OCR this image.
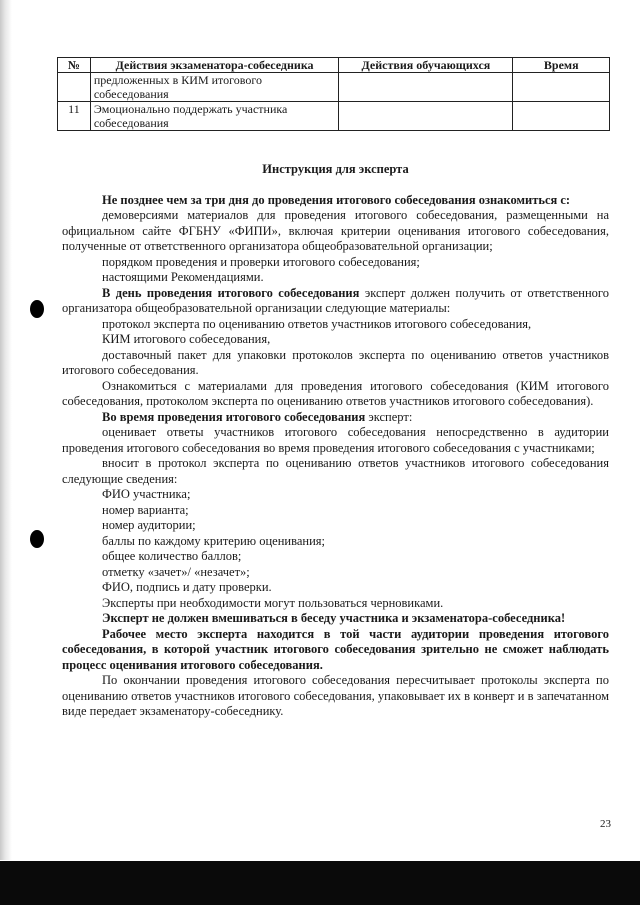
№	Действия экзаменатора-собеседника	Действия обучающихся	Время
	предложенных в КИМ итогового собеседования		
11	Эмоционально поддержать участника собеседования		

Инструкция для эксперта

Не позднее чем за три дня до проведения итогового собеседования ознакомиться с:

демоверсиями материалов для проведения итогового собеседования, размещенными на официальном сайте ФГБНУ «ФИПИ», включая критерии оценивания итогового собеседования, полученные от ответственного организатора общеобразовательной организации;

порядком проведения и проверки итогового собеседования;

настоящими Рекомендациями.

В день проведения итогового собеседования эксперт должен получить от ответственного организатора общеобразовательной организации следующие материалы:

протокол эксперта по оцениванию ответов участников итогового собеседования,

КИМ итогового собеседования,

доставочный пакет для упаковки протоколов эксперта по оцениванию ответов участников итогового собеседования.

Ознакомиться с материалами для проведения итогового собеседования (КИМ итогового собеседования, протоколом эксперта по оцениванию ответов участников итогового собеседования).

Во время проведения итогового собеседования эксперт:

оценивает ответы участников итогового собеседования непосредственно в аудитории проведения итогового собеседования во время проведения итогового собеседования с участниками;

вносит в протокол эксперта по оцениванию ответов участников итогового собеседования следующие сведения:

ФИО участника;

номер варианта;

номер аудитории;

баллы по каждому критерию оценивания;

общее количество баллов;

отметку «зачет»/ «незачет»;

ФИО, подпись и дату проверки.

Эксперты при необходимости могут пользоваться черновиками.

Эксперт не должен вмешиваться в беседу участника и экзаменатора-собеседника!

Рабочее место эксперта находится в той части аудитории проведения итогового собеседования, в которой участник итогового собеседования зрительно не сможет наблюдать процесс оценивания итогового собеседования.

По окончании проведения итогового собеседования пересчитывает протоколы эксперта по оцениванию ответов участников итогового собеседования, упаковывает их в конверт и в запечатанном виде передает экзаменатору-собеседнику.

23
